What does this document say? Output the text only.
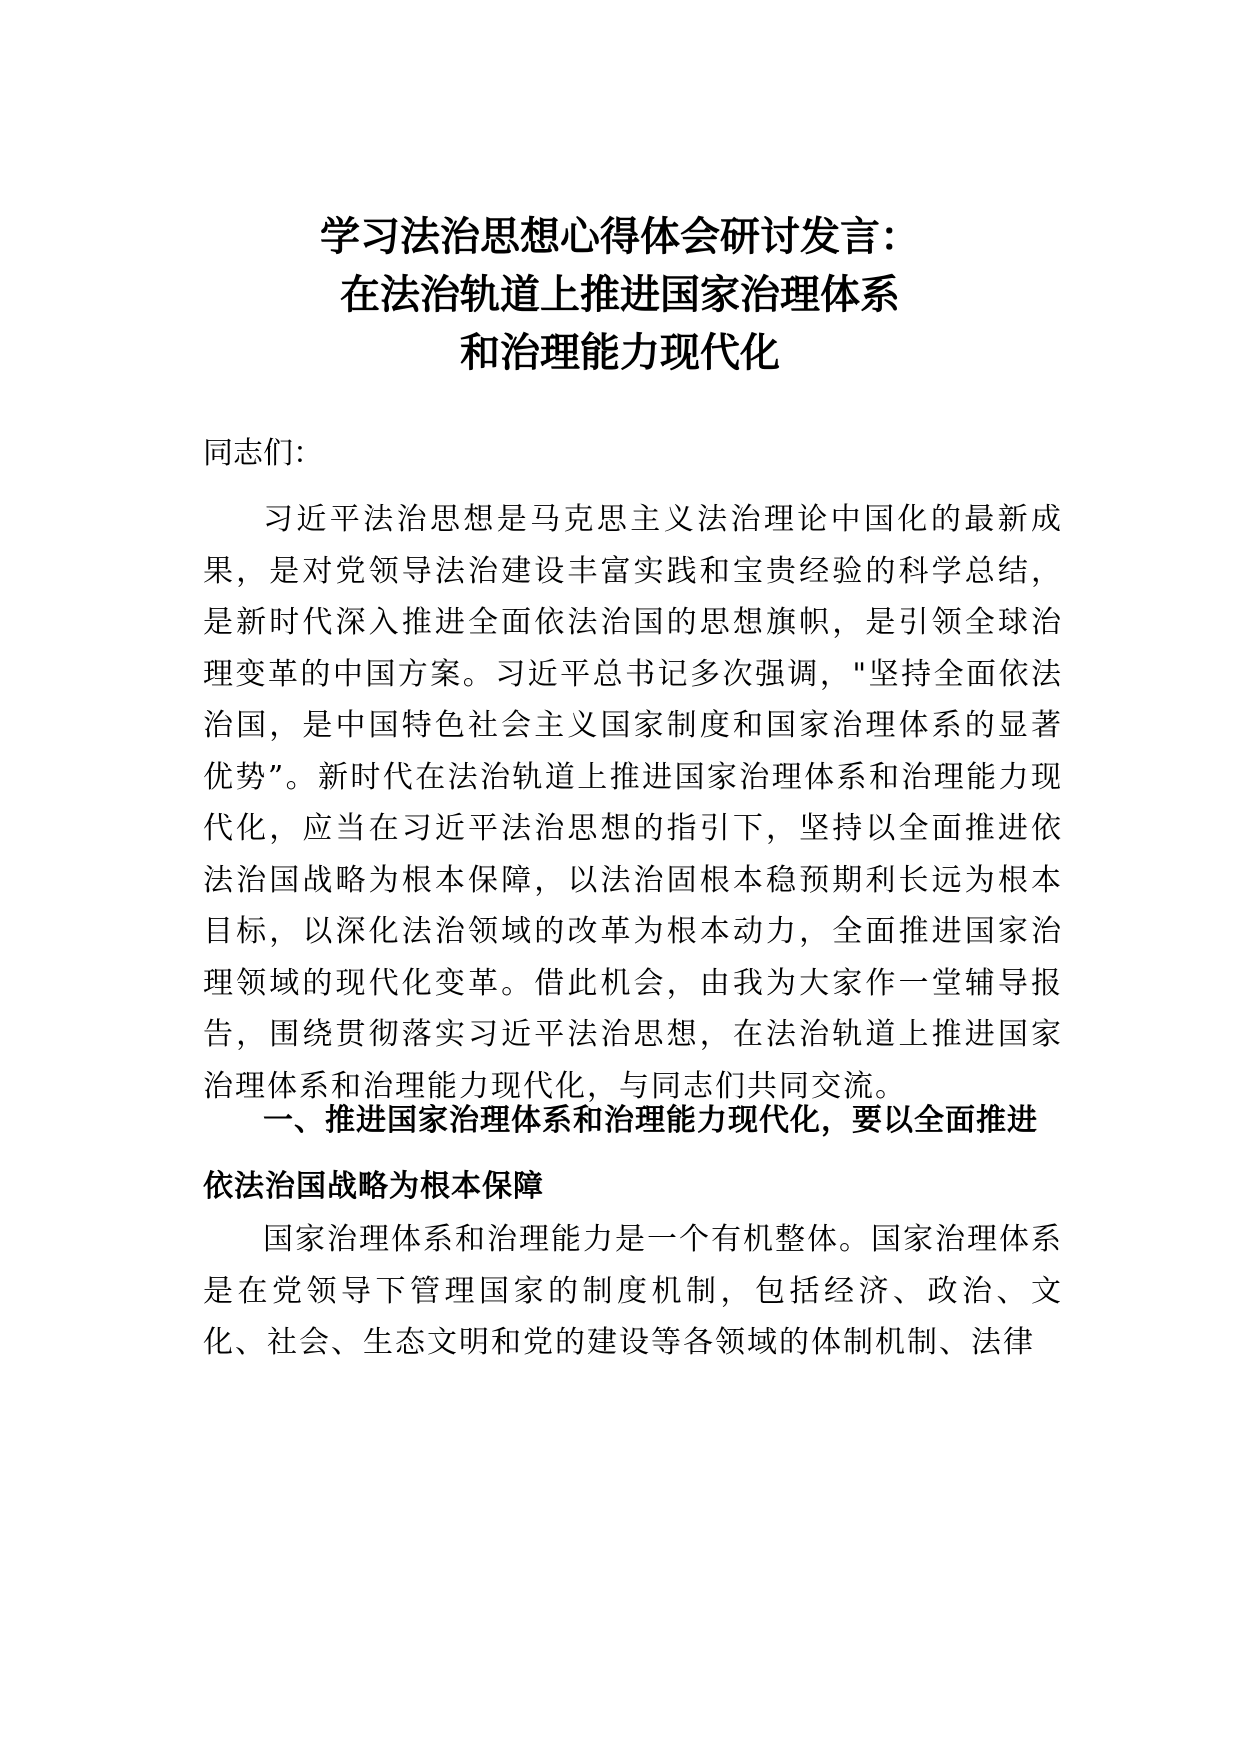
学习法治思想心得体会研讨发言：
在法治轨道上推进国家治理体系
和治理能力现代化
同志们：

习近平法治思想是马克思主义法治理论中国化的最新成果，是对党领导法治建设丰富实践和宝贵经验的科学总结，是新时代深入推进全面依法治国的思想旗帜，是引领全球治理变革的中国方案。习近平总书记多次强调，"坚持全面依法治国，是中国特色社会主义国家制度和国家治理体系的显著优势”。新时代在法治轨道上推进国家治理体系和治理能力现代化，应当在习近平法治思想的指引下，坚持以全面推进依法治国战略为根本保障，以法治固根本稳预期利长远为根本目标，以深化法治领域的改革为根本动力，全面推进国家治理领域的现代化变革。借此机会，由我为大家作一堂辅导报告，围绕贯彻落实习近平法治思想，在法治轨道上推进国家治理体系和治理能力现代化，与同志们共同交流。

一、推进国家治理体系和治理能力现代化，要以全面推进依法治国战略为根本保障

国家治理体系和治理能力是一个有机整体。国家治理体系是在党领导下管理国家的制度机制，包括经济、政治、文化、社会、生态文明和党的建设等各领域的体制机制、法律
